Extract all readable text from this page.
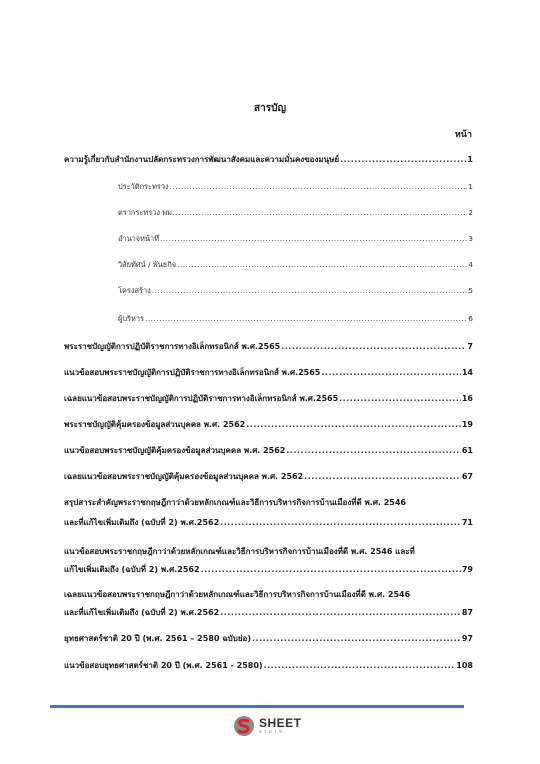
สารบัญ
หน้า
ความรู้เกี่ยวกับสำนักงานปลัดกระทรวงการพัฒนาสังคมและความมั่นคงของมนุษย์ .....	1
ประวัติกระทรวง .....	1
ตรากระทรวง พม. .....	2
อำนาจหน้าที่ .....	3
วิสัยทัศน์ / พันธกิจ .....	4
โครงสร้าง .....	5
ผู้บริหาร .....	6
พระราชบัญญัติการปฏิบัติราชการทางอิเล็กทรอนิกส์ พ.ศ.2565 .....	7
แนวข้อสอบพระราชบัญญัติการปฏิบัติราชการทางอิเล็กทรอนิกส์ พ.ศ.2565 .....	14
เฉลยแนวข้อสอบพระราชบัญญัติการปฏิบัติราชการทางอิเล็กทรอนิกส์ พ.ศ.2565 .....	16
พระราชบัญญัติคุ้มครองข้อมูลส่วนบุคคล พ.ศ. 2562 .....	19
แนวข้อสอบพระราชบัญญัติคุ้มครองข้อมูลส่วนบุคคล พ.ศ. 2562 .....	61
เฉลยแนวข้อสอบพระราชบัญญัติคุ้มครองข้อมูลส่วนบุคคล พ.ศ. 2562 .....	67
สรุปสาระสำคัญพระราชกฤษฎีกาว่าด้วยหลักเกณฑ์และวิธีการบริหารกิจการบ้านเมืองที่ดี พ.ศ. 2546
และที่แก้ไขเพิ่มเติมถึง (ฉบับที่ 2) พ.ศ.2562 .....	71
แนวข้อสอบพระราชกฤษฎีกาว่าด้วยหลักเกณฑ์และวิธีการบริหารกิจการบ้านเมืองที่ดี พ.ศ. 2546 และที่
แก้ไขเพิ่มเติมถึง (ฉบับที่ 2) พ.ศ.2562 .....	79
เฉลยแนวข้อสอบพระราชกฤษฎีกาว่าด้วยหลักเกณฑ์และวิธีการบริหารกิจการบ้านเมืองที่ดี พ.ศ. 2546
และที่แก้ไขเพิ่มเติมถึง (ฉบับที่ 2) พ.ศ.2562 .....	87
ยุทธศาสตร์ชาติ 20 ปี (พ.ศ. 2561 – 2580 ฉบับย่อ) .....	97
แนวข้อสอบยุทธศาสตร์ชาติ 20 ปี (พ.ศ. 2561 - 2580) .....	108
SHEET
store
